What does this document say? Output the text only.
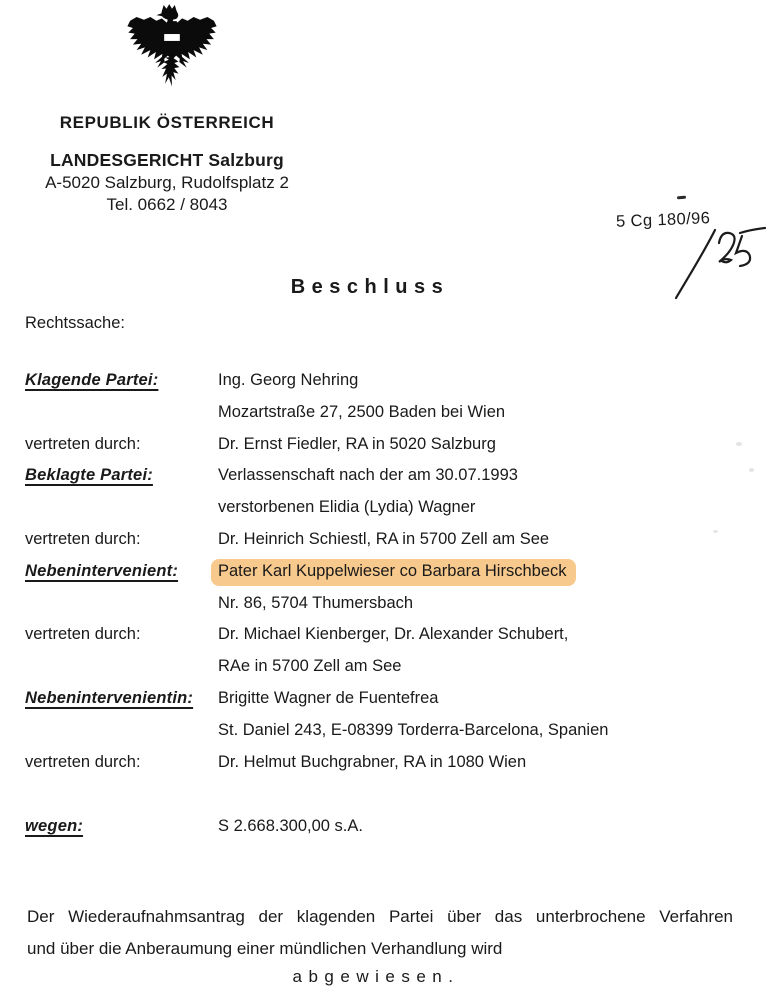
REPUBLIK ÖSTERREICH
LANDESGERICHT Salzburg
A-5020 Salzburg, Rudolfsplatz 2
Tel. 0662 / 8043
5 Cg 180/96
Beschluss
Rechtssache:
Klagende Partei:	Ing. Georg Nehring
Mozartstraße 27, 2500 Baden bei Wien
vertreten durch:	Dr. Ernst Fiedler, RA in 5020 Salzburg
Beklagte Partei:	Verlassenschaft nach der am 30.07.1993
verstorbenen Elidia (Lydia) Wagner
vertreten durch:	Dr. Heinrich Schiestl, RA in 5700 Zell am See
Nebenintervenient:	Pater Karl Kuppelwieser co Barbara Hirschbeck
Nr. 86, 5704 Thumersbach
vertreten durch:	Dr. Michael Kienberger, Dr. Alexander Schubert,
RAe in 5700 Zell am See
Nebenintervenientin:	Brigitte Wagner de Fuentefrea
St. Daniel 243, E-08399 Torderra-Barcelona, Spanien
vertreten durch:	Dr. Helmut Buchgrabner, RA in 1080 Wien
wegen:	S 2.668.300,00 s.A.
Der Wiederaufnahmsantrag der klagenden Partei über das unterbrochene Verfahren
und über die Anberaumung einer mündlichen Verhandlung wird
abgewiesen.
